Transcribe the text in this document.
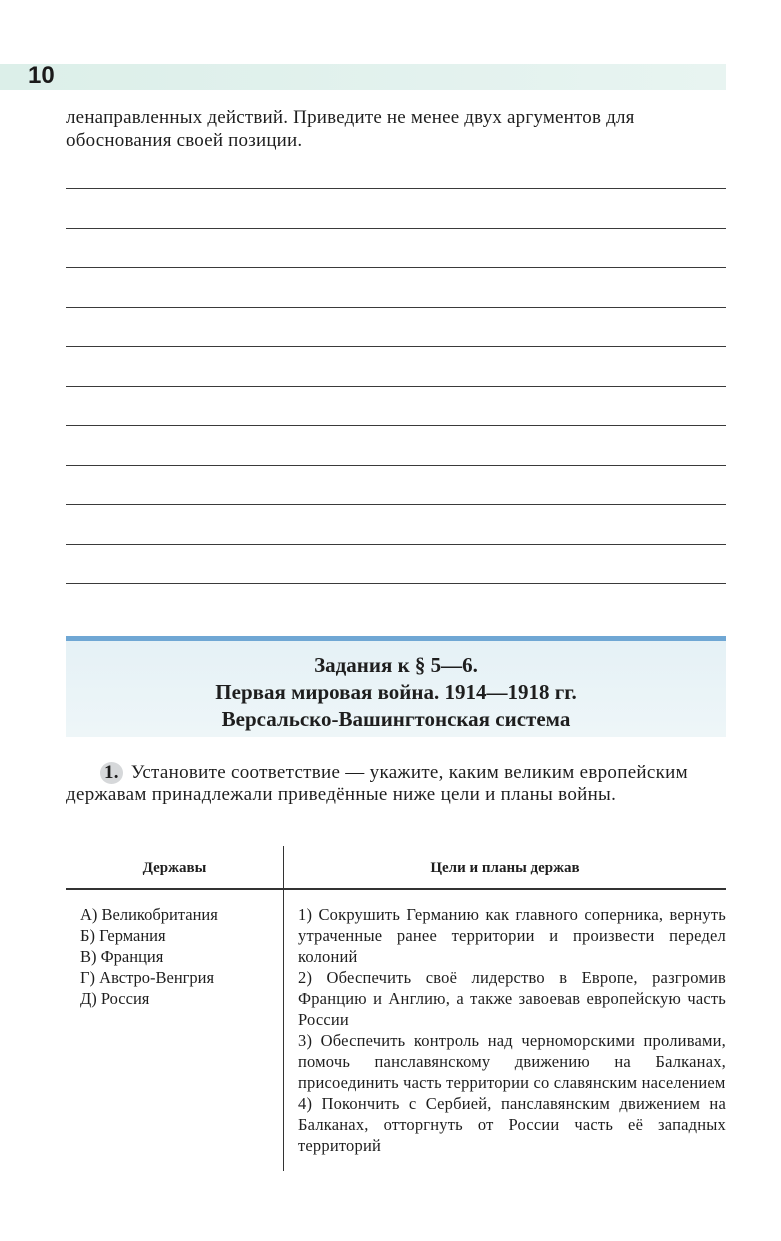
10
ленаправленных действий. Приведите не менее двух аргументов для обоснования своей позиции.
Задания к § 5—6.
Первая мировая война. 1914—1918 гг.
Версальско-Вашингтонская система
1. Установите соответствие — укажите, каким великим европейским державам принадлежали приведённые ниже цели и планы войны.
Державы	Цели и планы держав
А) Великобритания
Б) Германия
В) Франция
Г) Австро-Венгрия
Д) Россия

1) Сокрушить Германию как главного соперника, вернуть утраченные ранее территории и произвести передел колоний

2) Обеспечить своё лидерство в Европе, разгромив Францию и Англию, а также завоевав европейскую часть России

3) Обеспечить контроль над черноморскими проливами, помочь панславянскому движению на Балканах, присоединить часть территории со славянским населением

4) Покончить с Сербией, панславянским движением на Балканах, отторгнуть от России часть её западных территорий
